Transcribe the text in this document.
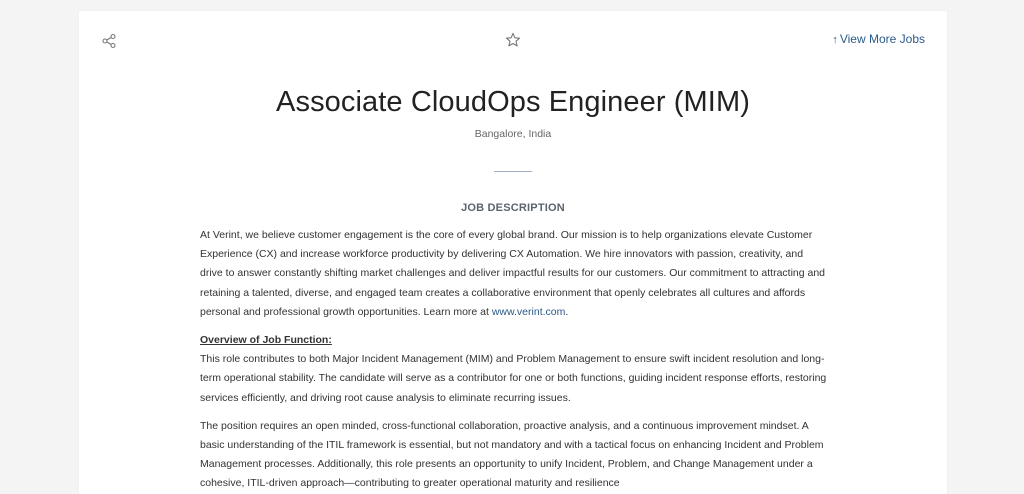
↑ View More Jobs
Associate CloudOps Engineer (MIM)
Bangalore, India
JOB DESCRIPTION

At Verint, we believe customer engagement is the core of every global brand. Our mission is to help organizations elevate Customer Experience (CX) and increase workforce productivity by delivering CX Automation. We hire innovators with passion, creativity, and drive to answer constantly shifting market challenges and deliver impactful results for our customers. Our commitment to attracting and retaining a talented, diverse, and engaged team creates a collaborative environment that openly celebrates all cultures and affords personal and professional growth opportunities. Learn more at www.verint.com.

Overview of Job Function:
This role contributes to both Major Incident Management (MIM) and Problem Management to ensure swift incident resolution and long-term operational stability. The candidate will serve as a contributor for one or both functions, guiding incident response efforts, restoring services efficiently, and driving root cause analysis to eliminate recurring issues.

The position requires an open minded, cross-functional collaboration, proactive analysis, and a continuous improvement mindset. A basic understanding of the ITIL framework is essential, but not mandatory and with a tactical focus on enhancing Incident and Problem Management processes. Additionally, this role presents an opportunity to unify Incident, Problem, and Change Management under a cohesive, ITIL-driven approach—contributing to greater operational maturity and resilience
